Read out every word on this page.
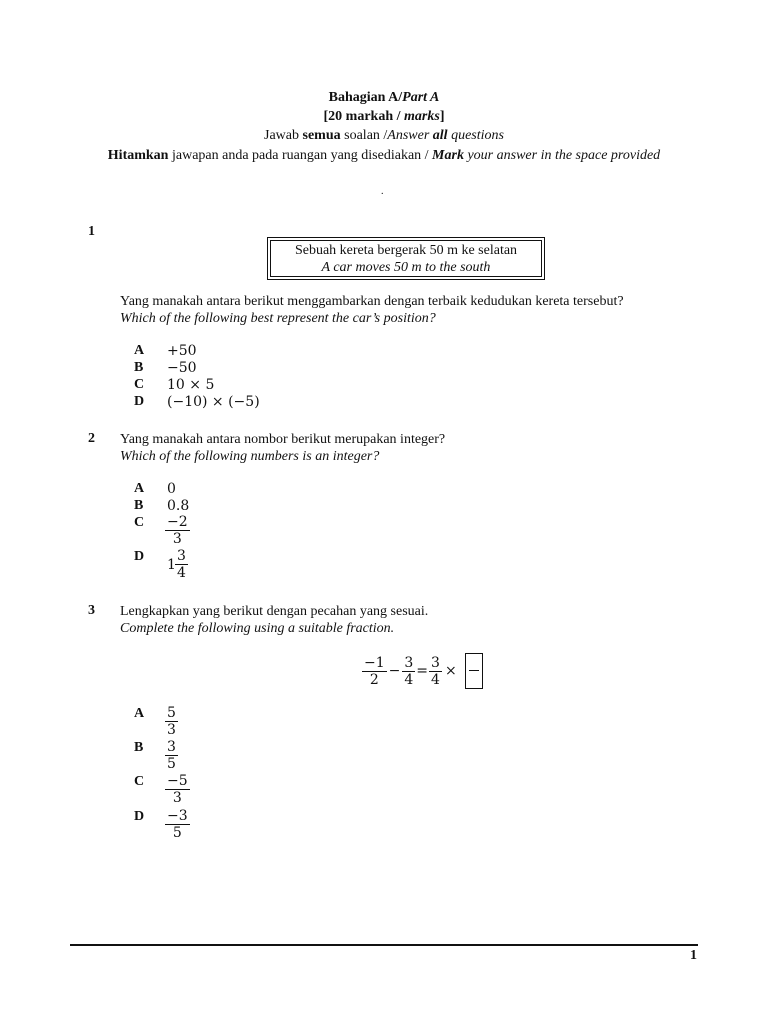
Bahagian A/Part A
[20 markah / marks]
Jawab semua soalan /Answer all questions
Hitamkan jawapan anda pada ruangan yang disediakan / Mark your answer in the space provided
.
1
Sebuah kereta bergerak 50 m ke selatan
A car moves 50 m to the south
Yang manakah antara berikut menggambarkan dengan terbaik kedudukan kereta tersebut?
Which of the following best represent the car’s position?
A +50
B −50
C 10 × 5
D (−10) × (−5)
2 Yang manakah antara nombor berikut merupakan integer?
Which of the following numbers is an integer?
A 0
B 0.8
C $\frac{-2}{3}$
D
$1 \frac{3}{4}$
3 Lengkapkan yang berikut dengan pecahan yang sesuai.
Complete the following using a suitable fraction.
$\frac{-1}{2} - \frac{3}{4} = \frac{3}{4}$ ×
A $\frac{5}{3}$
B $\frac{3}{5}$
C $\frac{-5}{3}$
D $\frac{-3}{5}$
1
